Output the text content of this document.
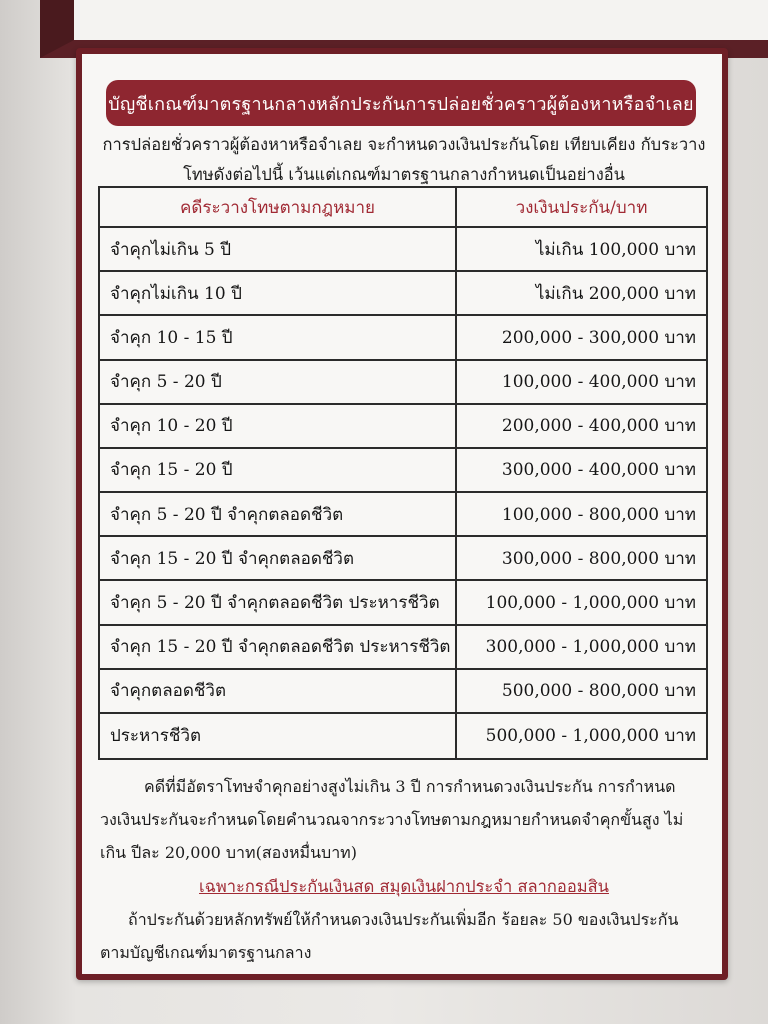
บัญชีเกณฑ์มาตรฐานกลางหลักประกันการปล่อยชั่วคราวผู้ต้องหาหรือจำเลย
การปล่อยชั่วคราวผู้ต้องหาหรือจำเลย จะกำหนดวงเงินประกันโดย เทียบเคียง กับระวางโทษดังต่อไปนี้ เว้นแต่เกณฑ์มาตรฐานกลางกำหนดเป็นอย่างอื่น
คดีระวางโทษตามกฎหมาย	วงเงินประกัน/บาท
จำคุกไม่เกิน 5 ปี	ไม่เกิน 100,000 บาท
จำคุกไม่เกิน 10 ปี	ไม่เกิน 200,000 บาท
จำคุก 10 - 15 ปี	200,000 - 300,000 บาท
จำคุก 5 - 20 ปี	100,000 - 400,000 บาท
จำคุก 10 - 20 ปี	200,000 - 400,000 บาท
จำคุก 15 - 20 ปี	300,000 - 400,000 บาท
จำคุก 5 - 20 ปี จำคุกตลอดชีวิต	100,000 - 800,000 บาท
จำคุก 15 - 20 ปี จำคุกตลอดชีวิต	300,000 - 800,000 บาท
จำคุก 5 - 20 ปี จำคุกตลอดชีวิต ประหารชีวิต	100,000 - 1,000,000 บาท
จำคุก 15 - 20 ปี จำคุกตลอดชีวิต ประหารชีวิต	300,000 - 1,000,000 บาท
จำคุกตลอดชีวิต	500,000 - 800,000 บาท
ประหารชีวิต	500,000 - 1,000,000 บาท
คดีที่มีอัตราโทษจำคุกอย่างสูงไม่เกิน 3 ปี การกำหนดวงเงินประกัน การกำหนดวงเงินประกันจะกำหนดโดยคำนวณจากระวางโทษตามกฎหมายกำหนดจำคุกขั้นสูง ไม่เกิน ปีละ 20,000 บาท(สองหมื่นบาท)
เฉพาะกรณีประกันเงินสด สมุดเงินฝากประจำ สลากออมสิน
ถ้าประกันด้วยหลักทรัพย์ให้กำหนดวงเงินประกันเพิ่มอีก ร้อยละ 50 ของเงินประกันตามบัญชีเกณฑ์มาตรฐานกลาง
